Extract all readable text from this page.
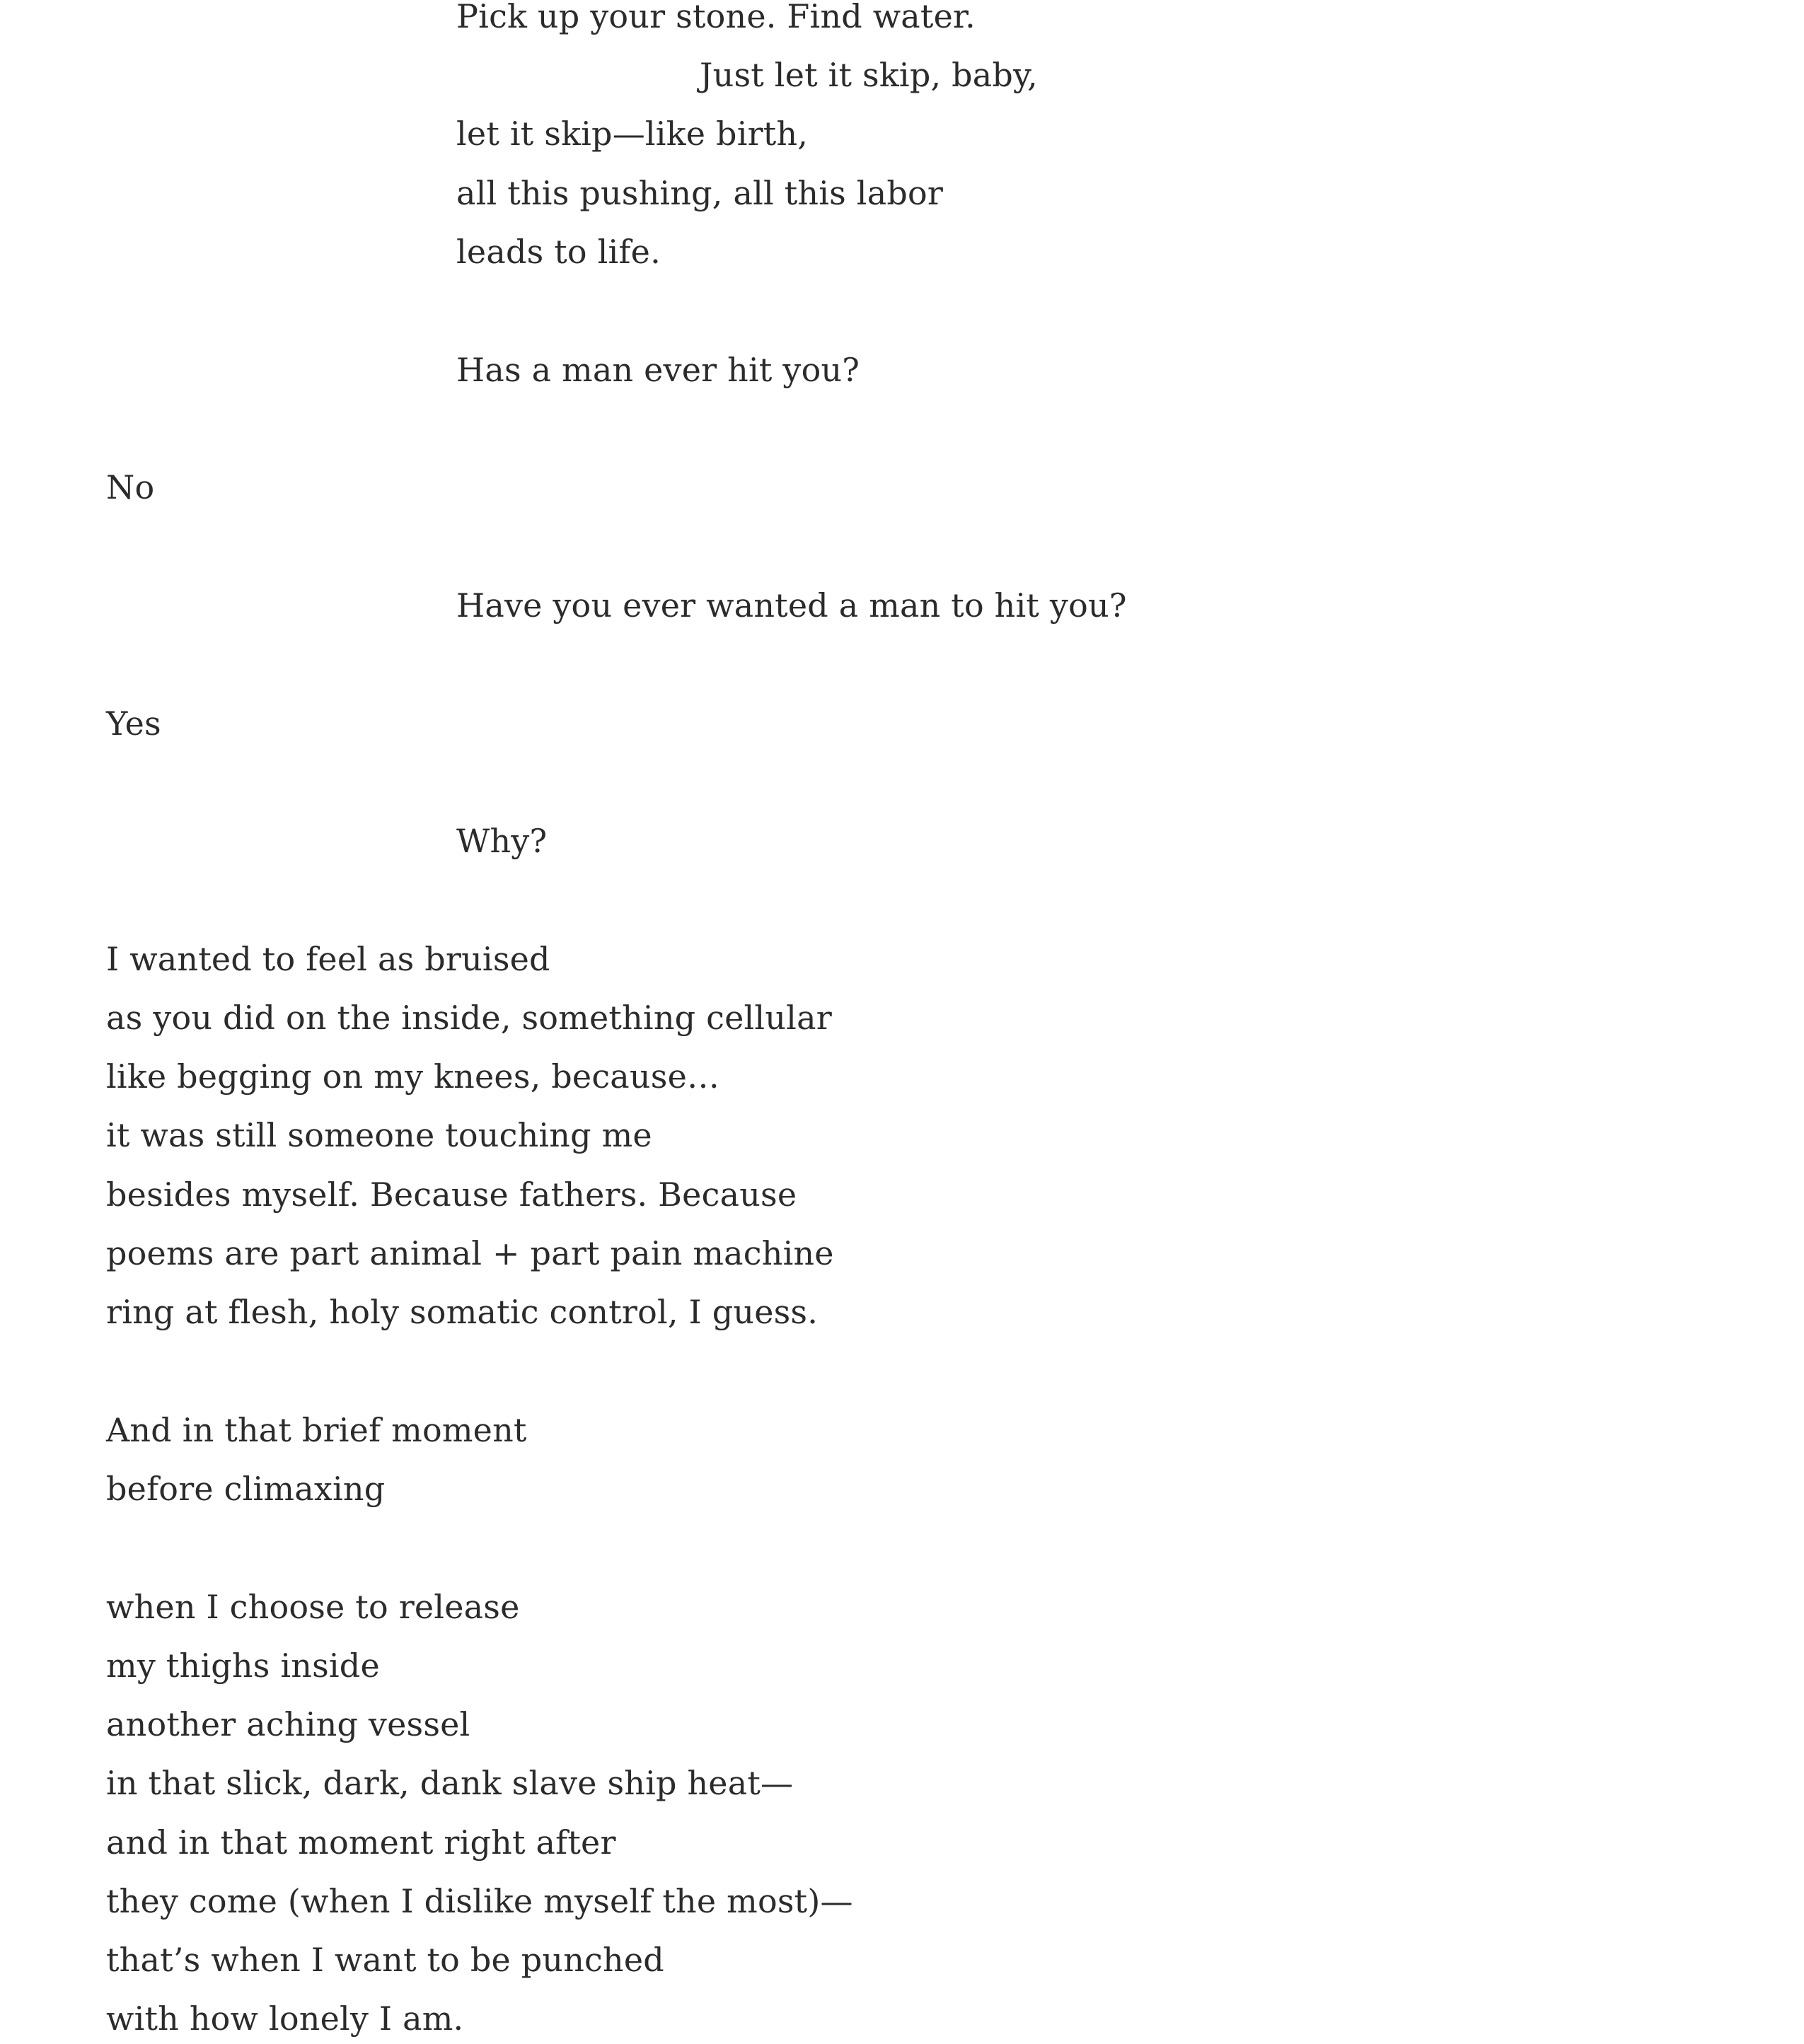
Pick up your stone. Find water.
Just let it skip, baby,
let it skip—like birth,
all this pushing, all this labor
leads to life.
Has a man ever hit you?
No
Have you ever wanted a man to hit you?
Yes
Why?
I wanted to feel as bruised
as you did on the inside, something cellular
like begging on my knees, because…
it was still someone touching me
besides myself. Because fathers. Because
poems are part animal + part pain machine
ring at flesh, holy somatic control, I guess.
And in that brief moment
before climaxing
when I choose to release
my thighs inside
another aching vessel
in that slick, dark, dank slave ship heat—
and in that moment right after
they come (when I dislike myself the most)—
that’s when I want to be punched
with how lonely I am.
